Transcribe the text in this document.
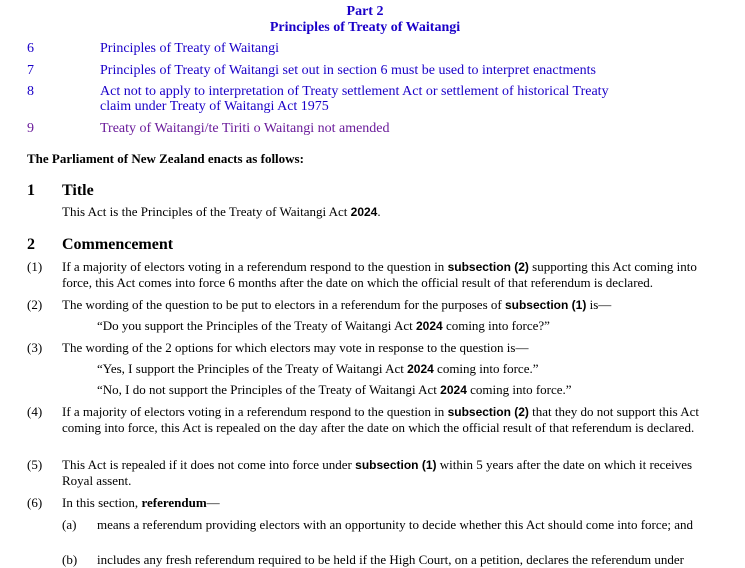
Part 2
Principles of Treaty of Waitangi
6	Principles of Treaty of Waitangi
7	Principles of Treaty of Waitangi set out in section 6 must be used to interpret enactments
8	Act not to apply to interpretation of Treaty settlement Act or settlement of historical Treaty
claim under Treaty of Waitangi Act 1975
9	Treaty of Waitangi/te Tiriti o Waitangi not amended
The Parliament of New Zealand enacts as follows:
1 Title
This Act is the Principles of the Treaty of Waitangi Act 2024.
2 Commencement
(1) If a majority of electors voting in a referendum respond to the question in subsection (2) supporting this Act coming into force, this Act comes into force 6 months after the date on which the official result of that referendum is declared.
(2) The wording of the question to be put to electors in a referendum for the purposes of subsection (1) is—
“Do you support the Principles of the Treaty of Waitangi Act 2024 coming into force?”
(3) The wording of the 2 options for which electors may vote in response to the question is—
“Yes, I support the Principles of the Treaty of Waitangi Act 2024 coming into force.”
“No, I do not support the Principles of the Treaty of Waitangi Act 2024 coming into force.”
(4) If a majority of electors voting in a referendum respond to the question in subsection (2) that they do not support this Act coming into force, this Act is repealed on the day after the date on which the official result of that referendum is declared.
(5) This Act is repealed if it does not come into force under subsection (1) within 5 years after the date on which it receives Royal assent.
(6) In this section, referendum—
(a) means a referendum providing electors with an opportunity to decide whether this Act should come into force; and
(b) includes any fresh referendum required to be held if the High Court, on a petition, declares the referendum under
